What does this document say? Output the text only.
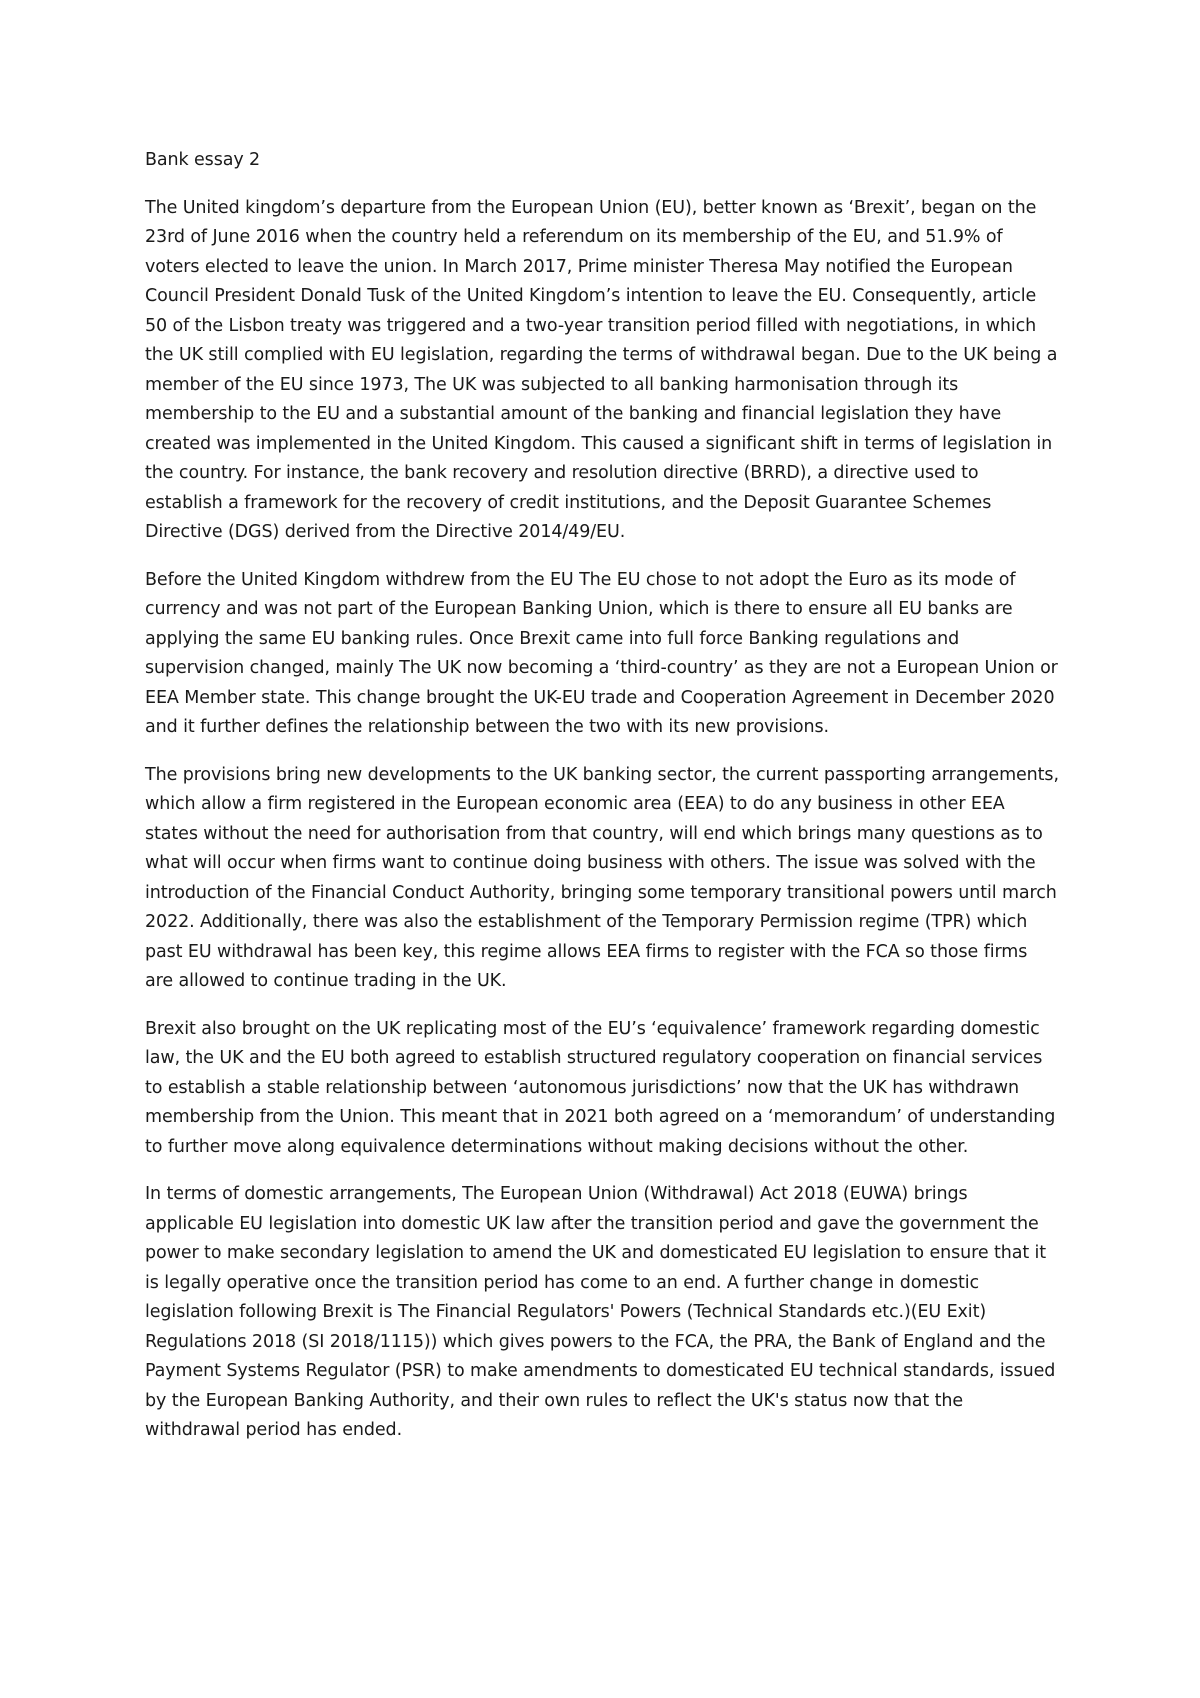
Bank essay 2

The United kingdom’s departure from the European Union (EU), better known as ‘Brexit’, began on the 23rd of June 2016 when the country held a referendum on its membership of the EU, and 51.9% of voters elected to leave the union. In March 2017, Prime minister Theresa May notified the European Council President Donald Tusk of the United Kingdom’s intention to leave the EU. Consequently, article 50 of the Lisbon treaty was triggered and a two-year transition period filled with negotiations, in which the UK still complied with EU legislation, regarding the terms of withdrawal began. Due to the UK being a member of the EU since 1973, The UK was subjected to all banking harmonisation through its membership to the EU and a substantial amount of the banking and financial legislation they have created was implemented in the United Kingdom. This caused a significant shift in terms of legislation in the country. For instance, the bank recovery and resolution directive (BRRD), a directive used to establish a framework for the recovery of credit institutions, and the Deposit Guarantee Schemes Directive (DGS) derived from the Directive 2014/49/EU.

Before the United Kingdom withdrew from the EU The EU chose to not adopt the Euro as its mode of currency and was not part of the European Banking Union, which is there to ensure all EU banks are applying the same EU banking rules. Once Brexit came into full force Banking regulations and supervision changed, mainly The UK now becoming a ‘third-country’ as they are not a European Union or EEA Member state. This change brought the UK-EU trade and Cooperation Agreement in December 2020 and it further defines the relationship between the two with its new provisions.

The provisions bring new developments to the UK banking sector, the current passporting arrangements, which allow a firm registered in the European economic area (EEA) to do any business in other EEA states without the need for authorisation from that country, will end which brings many questions as to what will occur when firms want to continue doing business with others. The issue was solved with the introduction of the Financial Conduct Authority, bringing some temporary transitional powers until march 2022. Additionally, there was also the establishment of the Temporary Permission regime (TPR) which past EU withdrawal has been key, this regime allows EEA firms to register with the FCA so those firms are allowed to continue trading in the UK.

Brexit also brought on the UK replicating most of the EU’s ‘equivalence’ framework regarding domestic law, the UK and the EU both agreed to establish structured regulatory cooperation on financial services to establish a stable relationship between ‘autonomous jurisdictions’ now that the UK has withdrawn membership from the Union. This meant that in 2021 both agreed on a ‘memorandum’ of understanding to further move along equivalence determinations without making decisions without the other.

In terms of domestic arrangements, The European Union (Withdrawal) Act 2018 (EUWA) brings applicable EU legislation into domestic UK law after the transition period and gave the government the power to make secondary legislation to amend the UK and domesticated EU legislation to ensure that it is legally operative once the transition period has come to an end. A further change in domestic legislation following Brexit is The Financial Regulators' Powers (Technical Standards etc.)(EU Exit) Regulations 2018 (SI 2018/1115)) which gives powers to the FCA, the PRA, the Bank of England and the Payment Systems Regulator (PSR) to make amendments to domesticated EU technical standards, issued by the European Banking Authority, and their own rules to reflect the UK's status now that the withdrawal period has ended.
